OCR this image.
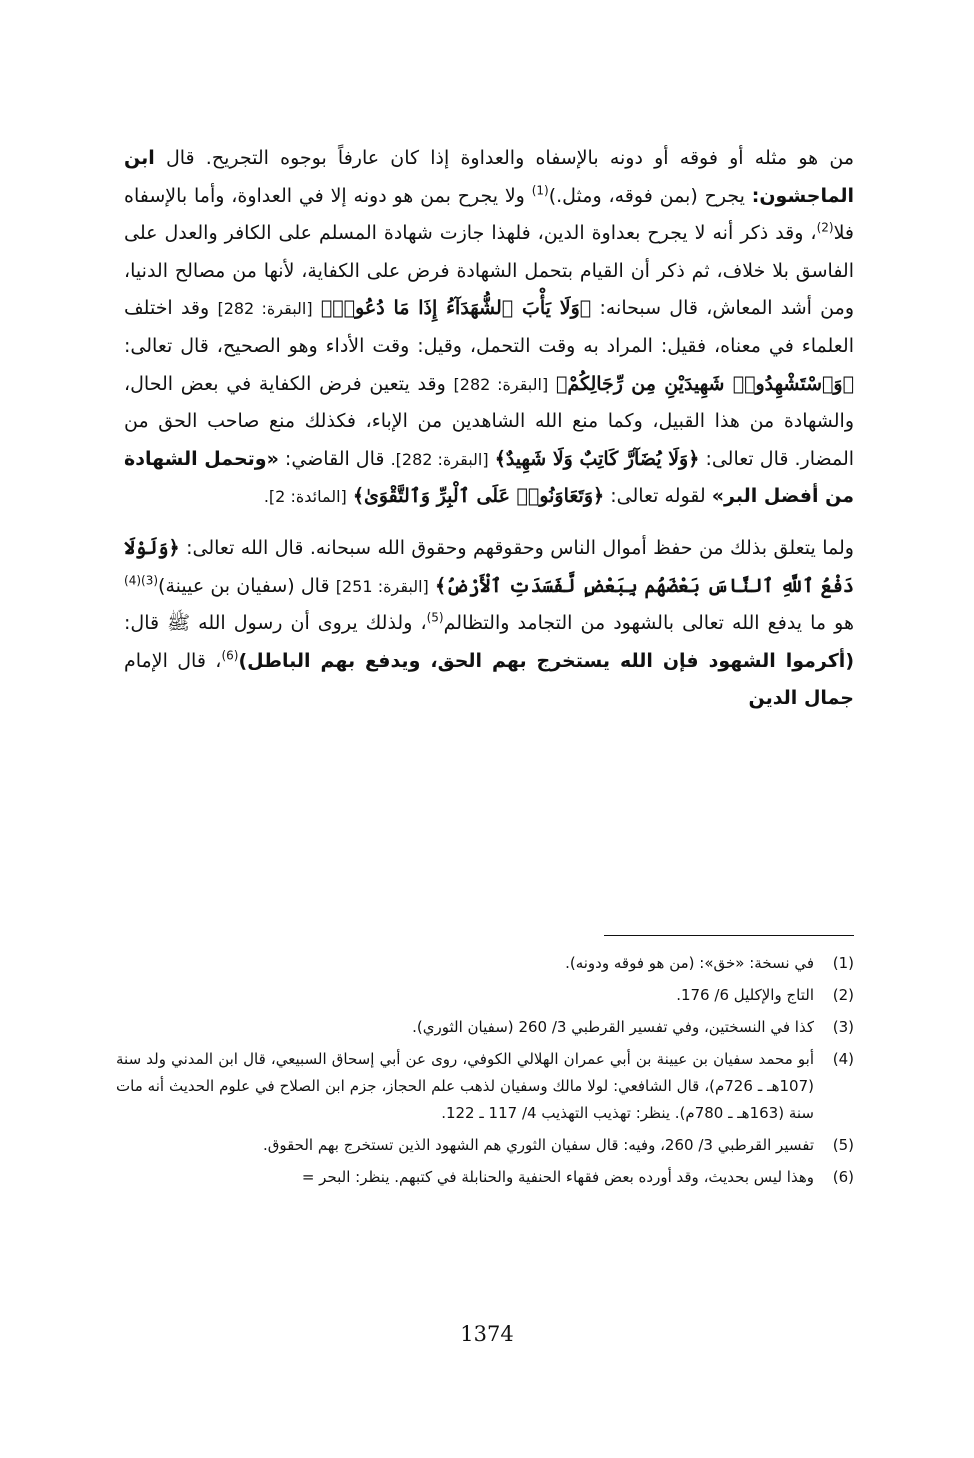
من هو مثله أو فوقه أو دونه بالإسفاه والعداوة إذا كان عارفاً بوجوه التجريح. قال ابن الماجشون: يجرح (بمن فوقه، ومثل.)$^{(1)}$ ولا يجرح بمن هو دونه إلا في العداوة، وأما بالإسفاه فلا$^{(2)}$، وقد ذكر أنه لا يجرح بعداوة الدين، فلهذا جازت شهادة المسلم على الكافر والعدل على الفاسق بلا خلاف، ثم ذكر أن القيام بتحمل الشهادة فرض على الكفاية، لأنها من مصالح الدنيا، ومن أشد المعاش، قال سبحانه: ﴿وَلَا يَأْبَ ٱلشُّهَدَآءُ إِذَا مَا دُعُوا۟﴾ [البقرة: 282] وقد اختلف العلماء في معناه، فقيل: المراد به وقت التحمل، وقيل: وقت الأداء وهو الصحيح، قال تعالى: ﴿وَٱسْتَشْهِدُوا۟ شَهِيدَيْنِ مِن رِّجَالِكُمْ﴾ [البقرة: 282] وقد يتعين فرض الكفاية في بعض الحال، والشهادة من هذا القبيل، وكما منع الله الشاهدين من الإباء، فكذلك منع صاحب الحق من المضار. قال تعالى: ﴿وَلَا يُضَآرَّ كَاتِبٌ وَلَا شَهِيدٌ﴾ [البقرة: 282]. قال القاضي: «وتحمل الشهادة من أفضل البر» لقوله تعالى: ﴿وَتَعَاوَنُوا۟ عَلَى ٱلْبِرِّ وَٱلتَّقْوَىٰ﴾ [المائدة: 2].

ولما يتعلق بذلك من حفظ أموال الناس وحقوقهم وحقوق الله سبحانه. قال الله تعالى: ﴿وَلَوْلَا دَفْعُ ٱللَّهِ ٱلنَّاسَ بَعْضَهُم بِبَعْضٍ لَّفَسَدَتِ ٱلْأَرْضُ﴾ [البقرة: 251] قال (سفيان بن عيينة)$^{(3)(4)}$ هو ما يدفع الله تعالى بالشهود من التجامد والتظالم$^{(5)}$، ولذلك يروى أن رسول الله ﷺ قال: (أكرموا الشهود فإن الله يستخرج بهم الحق، ويدفع بهم الباطل)$^{(6)}$، قال الإمام جمال الدين

(1)
في نسخة: «خق»: (من هو فوقه ودونه).
(2)
التاج والإكليل 6/ 176.
(3)
كذا في النسختين، وفي تفسير القرطبي 3/ 260 (سفيان الثوري).
(4)
أبو محمد سفيان بن عيينة بن أبي عمران الهلالي الكوفي، روى عن أبي إسحاق السبيعي، قال ابن المدني ولد سنة (107هـ ـ 726م)، قال الشافعي: لولا مالك وسفيان لذهب علم الحجاز، جزم ابن الصلاح في علوم الحديث أنه مات سنة (163هـ ـ 780م). ينظر: تهذيب التهذيب 4/ 117 ـ 122.
(5)
تفسير القرطبي 3/ 260، وفيه: قال سفيان الثوري هم الشهود الذين تستخرج بهم الحقوق.
(6)
وهذا ليس بحديث، وقد أورده بعض فقهاء الحنفية والحنابلة في كتبهم. ينظر: البحر =
1374
